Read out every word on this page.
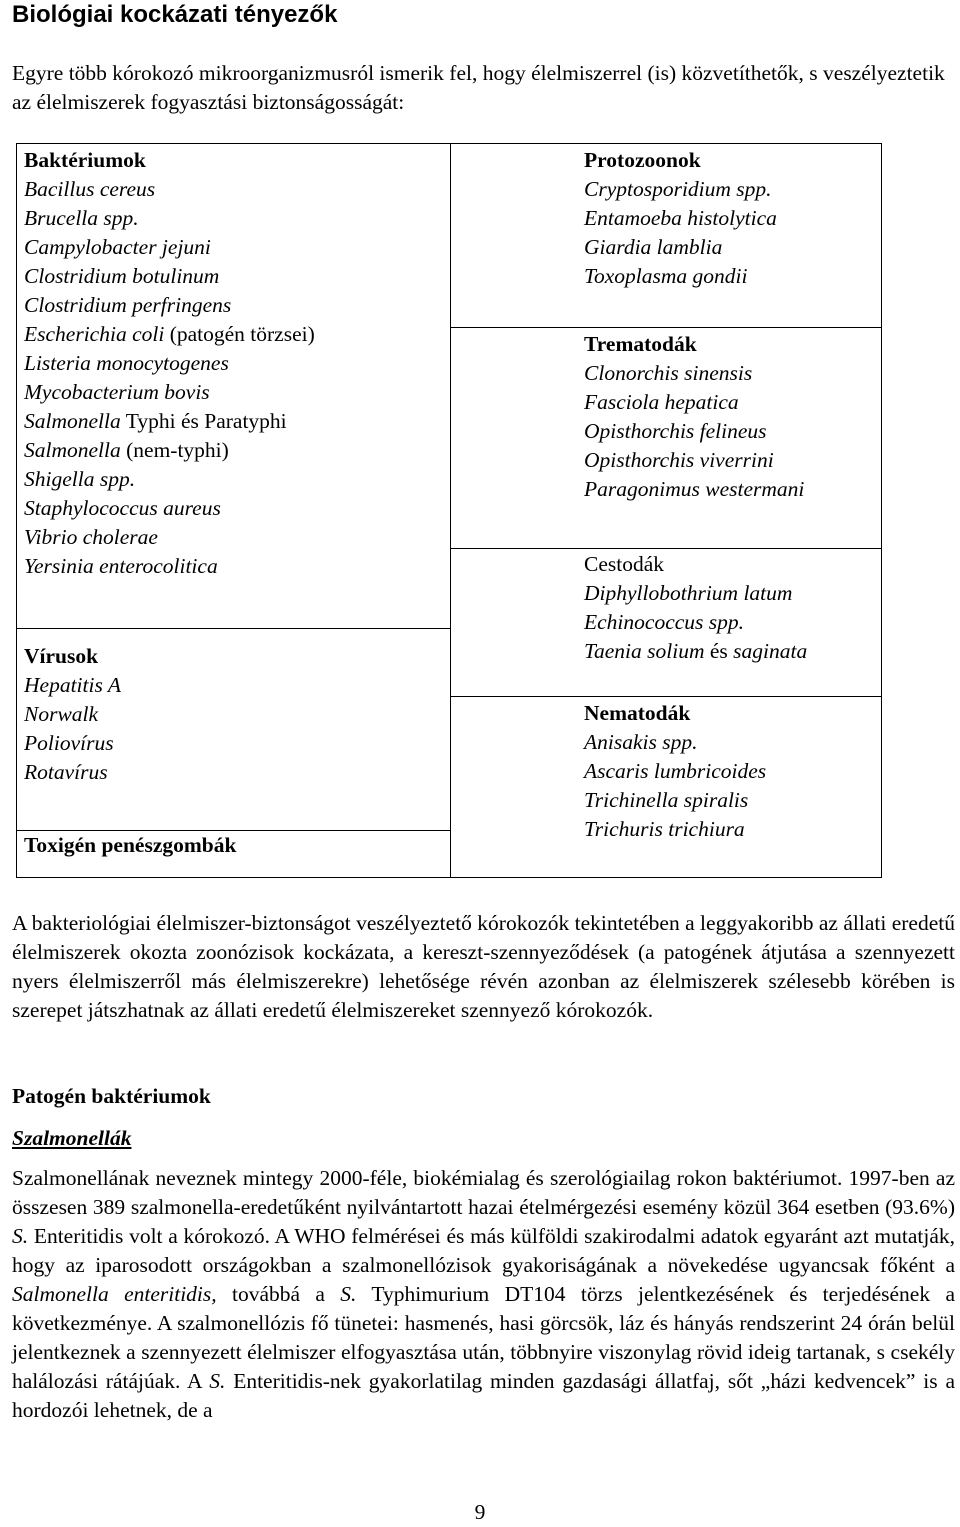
Biológiai kockázati tényezők

Egyre több kórokozó mikroorganizmusról ismerik fel, hogy élelmiszerrel (is) közvetíthetők, s veszélyeztetik az élelmiszerek fogyasztási biztonságosságát:

Baktériumok
Bacillus cereus
Brucella spp.
Campylobacter jejuni
Clostridium botulinum
Clostridium perfringens
Escherichia coli (patogén törzsei)
Listeria monocytogenes
Mycobacterium bovis
Salmonella Typhi és Paratyphi
Salmonella (nem-typhi)
Shigella spp.
Staphylococcus aureus
Vibrio cholerae
Yersinia enterocolitica
Vírusok
Hepatitis A
Norwalk
Poliovírus
Rotavírus
Toxigén penészgombák
Protozoonok
Cryptosporidium spp.
Entamoeba histolytica
Giardia lamblia
Toxoplasma gondii
Trematodák
Clonorchis sinensis
Fasciola hepatica
Opisthorchis felineus
Opisthorchis viverrini
Paragonimus westermani
Cestodák
Diphyllobothrium latum
Echinococcus spp.
Taenia solium és saginata
Nematodák
Anisakis spp.
Ascaris lumbricoides
Trichinella spiralis
Trichuris trichiura

A bakteriológiai élelmiszer-biztonságot veszélyeztető kórokozók tekintetében a leggyakoribb az állati eredetű élelmiszerek okozta zoonózisok kockázata, a kereszt-szennyeződések (a patogének átjutása a szennyezett nyers élelmiszerről más élelmiszerekre) lehetősége révén azonban az élelmiszerek szélesebb körében is szerepet játszhatnak az állati eredetű élelmiszereket szennyező kórokozók.

Patogén baktériumok

Szalmonellák

Szalmonellának neveznek mintegy 2000-féle, biokémialag és szerológiailag rokon baktériumot. 1997-ben az összesen 389 szalmonella-eredetűként nyilvántartott hazai ételmérgezési esemény közül 364 esetben (93.6%) S. Enteritidis volt a kórokozó. A WHO felmérései és más külföldi szakirodalmi adatok egyaránt azt mutatják, hogy az iparosodott országokban a szalmonellózisok gyakoriságának a növekedése ugyancsak főként a Salmonella enteritidis, továbbá a S. Typhimurium DT104 törzs jelentkezésének és terjedésének a következménye. A szalmonellózis fő tünetei: hasmenés, hasi görcsök, láz és hányás rendszerint 24 órán belül jelentkeznek a szennyezett élelmiszer elfogyasztása után, többnyire viszonylag rövid ideig tartanak, s csekély halálozási rátájúak. A S. Enteritidis-nek gyakorlatilag minden gazdasági állatfaj, sőt „házi kedvencek” is a hordozói lehetnek, de a

9
